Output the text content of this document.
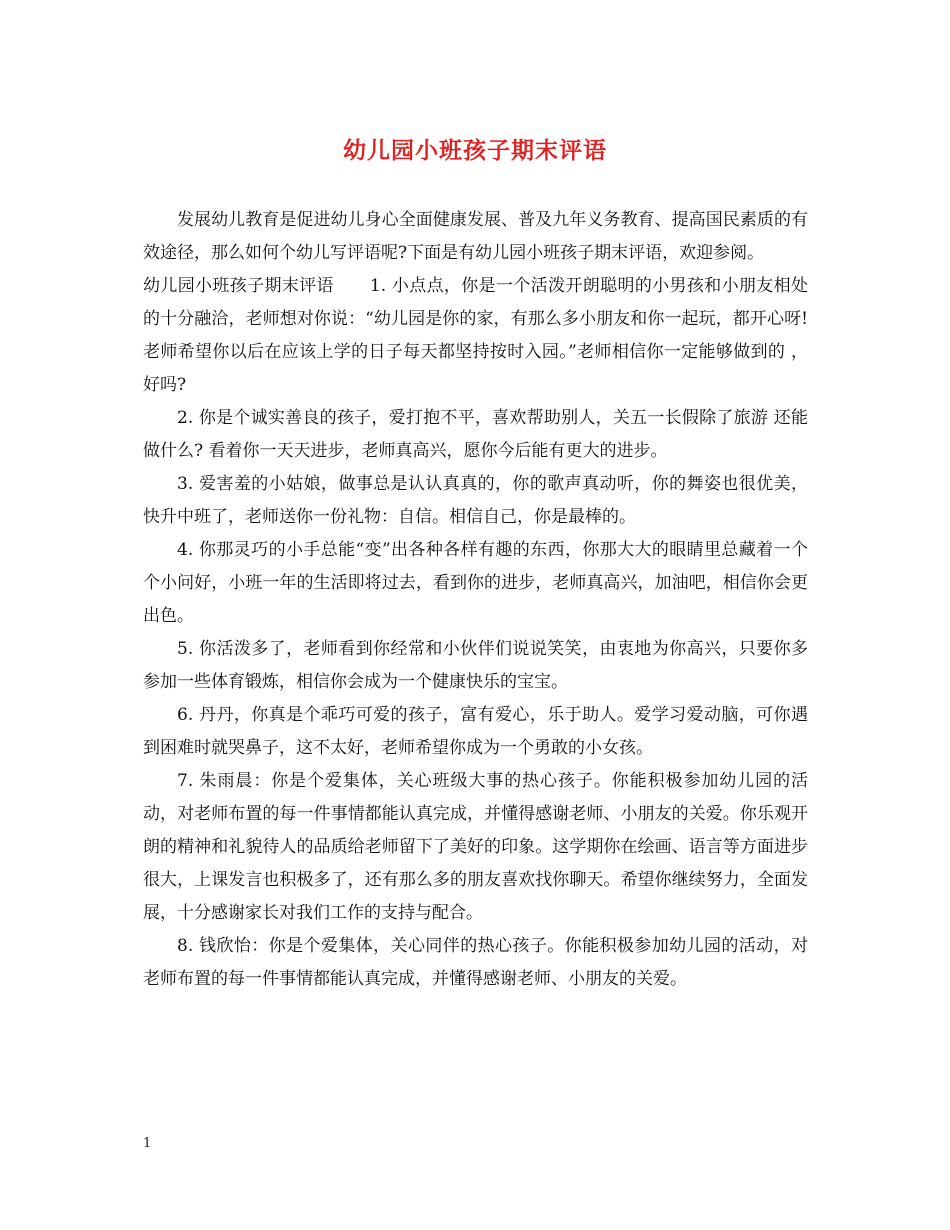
幼儿园小班孩子期末评语

发展幼儿教育是促进幼儿身心全面健康发展、普及九年义务教育、提高国民素质的有效途径，那么如何个幼儿写评语呢?下面是有幼儿园小班孩子期末评语，欢迎参阅。

幼儿园小班孩子期末评语 1. 小点点，你是一个活泼开朗聪明的小男孩和小朋友相处的十分融洽，老师想对你说：“幼儿园是你的家，有那么多小朋友和你一起玩，都开心呀!老师希望你以后在应该上学的日子每天都坚持按时入园。”老师相信你一定能够做到的 ，好吗?

2. 你是个诚实善良的孩子，爱打抱不平，喜欢帮助别人，关五一长假除了旅游 还能做什么? 看着你一天天进步，老师真高兴，愿你今后能有更大的进步。

3. 爱害羞的小姑娘，做事总是认认真真的，你的歌声真动听，你的舞姿也很优美，快升中班了，老师送你一份礼物：自信。相信自己，你是最棒的。

4. 你那灵巧的小手总能“变”出各种各样有趣的东西，你那大大的眼睛里总藏着一个个小问好，小班一年的生活即将过去，看到你的进步，老师真高兴，加油吧，相信你会更出色。

5. 你活泼多了，老师看到你经常和小伙伴们说说笑笑，由衷地为你高兴，只要你多参加一些体育锻炼，相信你会成为一个健康快乐的宝宝。

6. 丹丹，你真是个乖巧可爱的孩子，富有爱心，乐于助人。爱学习爱动脑，可你遇到困难时就哭鼻子，这不太好，老师希望你成为一个勇敢的小女孩。

7. 朱雨晨：你是个爱集体，关心班级大事的热心孩子。你能积极参加幼儿园的活动，对老师布置的每一件事情都能认真完成，并懂得感谢老师、小朋友的关爱。你乐观开朗的精神和礼貌待人的品质给老师留下了美好的印象。这学期你在绘画、语言等方面进步很大，上课发言也积极多了，还有那么多的朋友喜欢找你聊天。希望你继续努力，全面发展，十分感谢家长对我们工作的支持与配合。

8. 钱欣怡：你是个爱集体，关心同伴的热心孩子。你能积极参加幼儿园的活动，对老师布置的每一件事情都能认真完成，并懂得感谢老师、小朋友的关爱。

1
